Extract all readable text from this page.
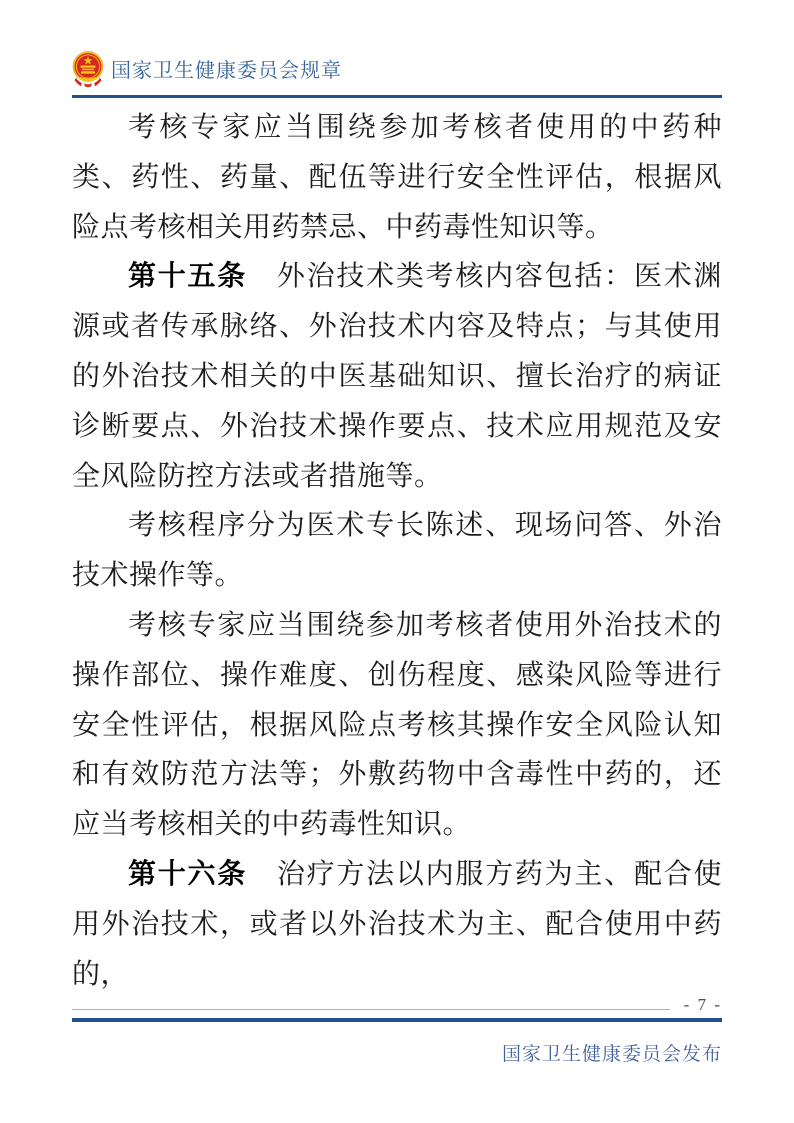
国家卫生健康委员会规章

考核专家应当围绕参加考核者使用的中药种类、药性、药量、配伍等进行安全性评估，根据风险点考核相关用药禁忌、中药毒性知识等。

第十五条　 外治技术类考核内容包括：医术渊源或者传承脉络、外治技术内容及特点；与其使用的外治技术相关的中医基础知识、擅长治疗的病证诊断要点、外治技术操作要点、技术应用规范及安全风险防控方法或者措施等。

考核程序分为医术专长陈述、现场问答、外治技术操作等。

考核专家应当围绕参加考核者使用外治技术的操作部位、操作难度、创伤程度、感染风险等进行安全性评估，根据风险点考核其操作安全风险认知和有效防范方法等；外敷药物中含毒性中药的，还应当考核相关的中药毒性知识。

第十六条　 治疗方法以内服方药为主、配合使用外治技术，或者以外治技术为主、配合使用中药的，

- 7 -
国家卫生健康委员会发布
